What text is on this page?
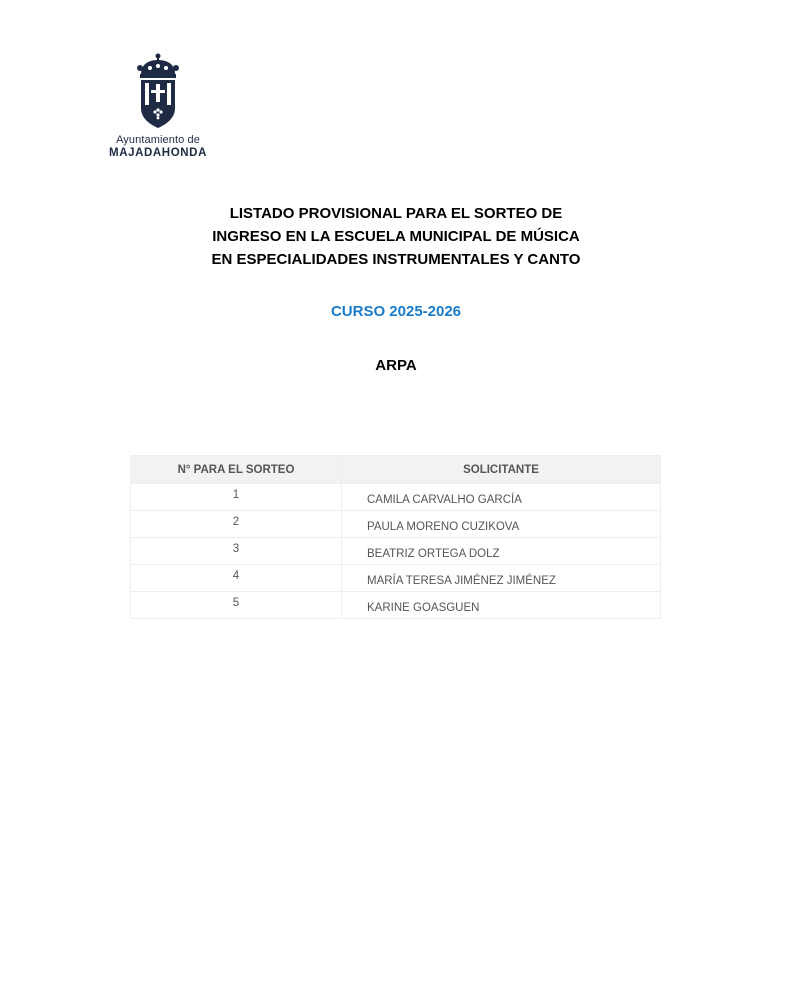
Ayuntamiento de
MAJADAHONDA
LISTADO PROVISIONAL PARA EL SORTEO DE
INGRESO EN LA ESCUELA MUNICIPAL DE MÚSICA
EN ESPECIALIDADES INSTRUMENTALES Y CANTO
CURSO 2025-2026
ARPA
N° PARA EL SORTEO	SOLICITANTE
1	CAMILA CARVALHO GARCÍA
2	PAULA MORENO CUZIKOVA
3	BEATRIZ ORTEGA DOLZ
4	MARÍA TERESA JIMÉNEZ JIMÉNEZ
5	KARINE GOASGUEN
